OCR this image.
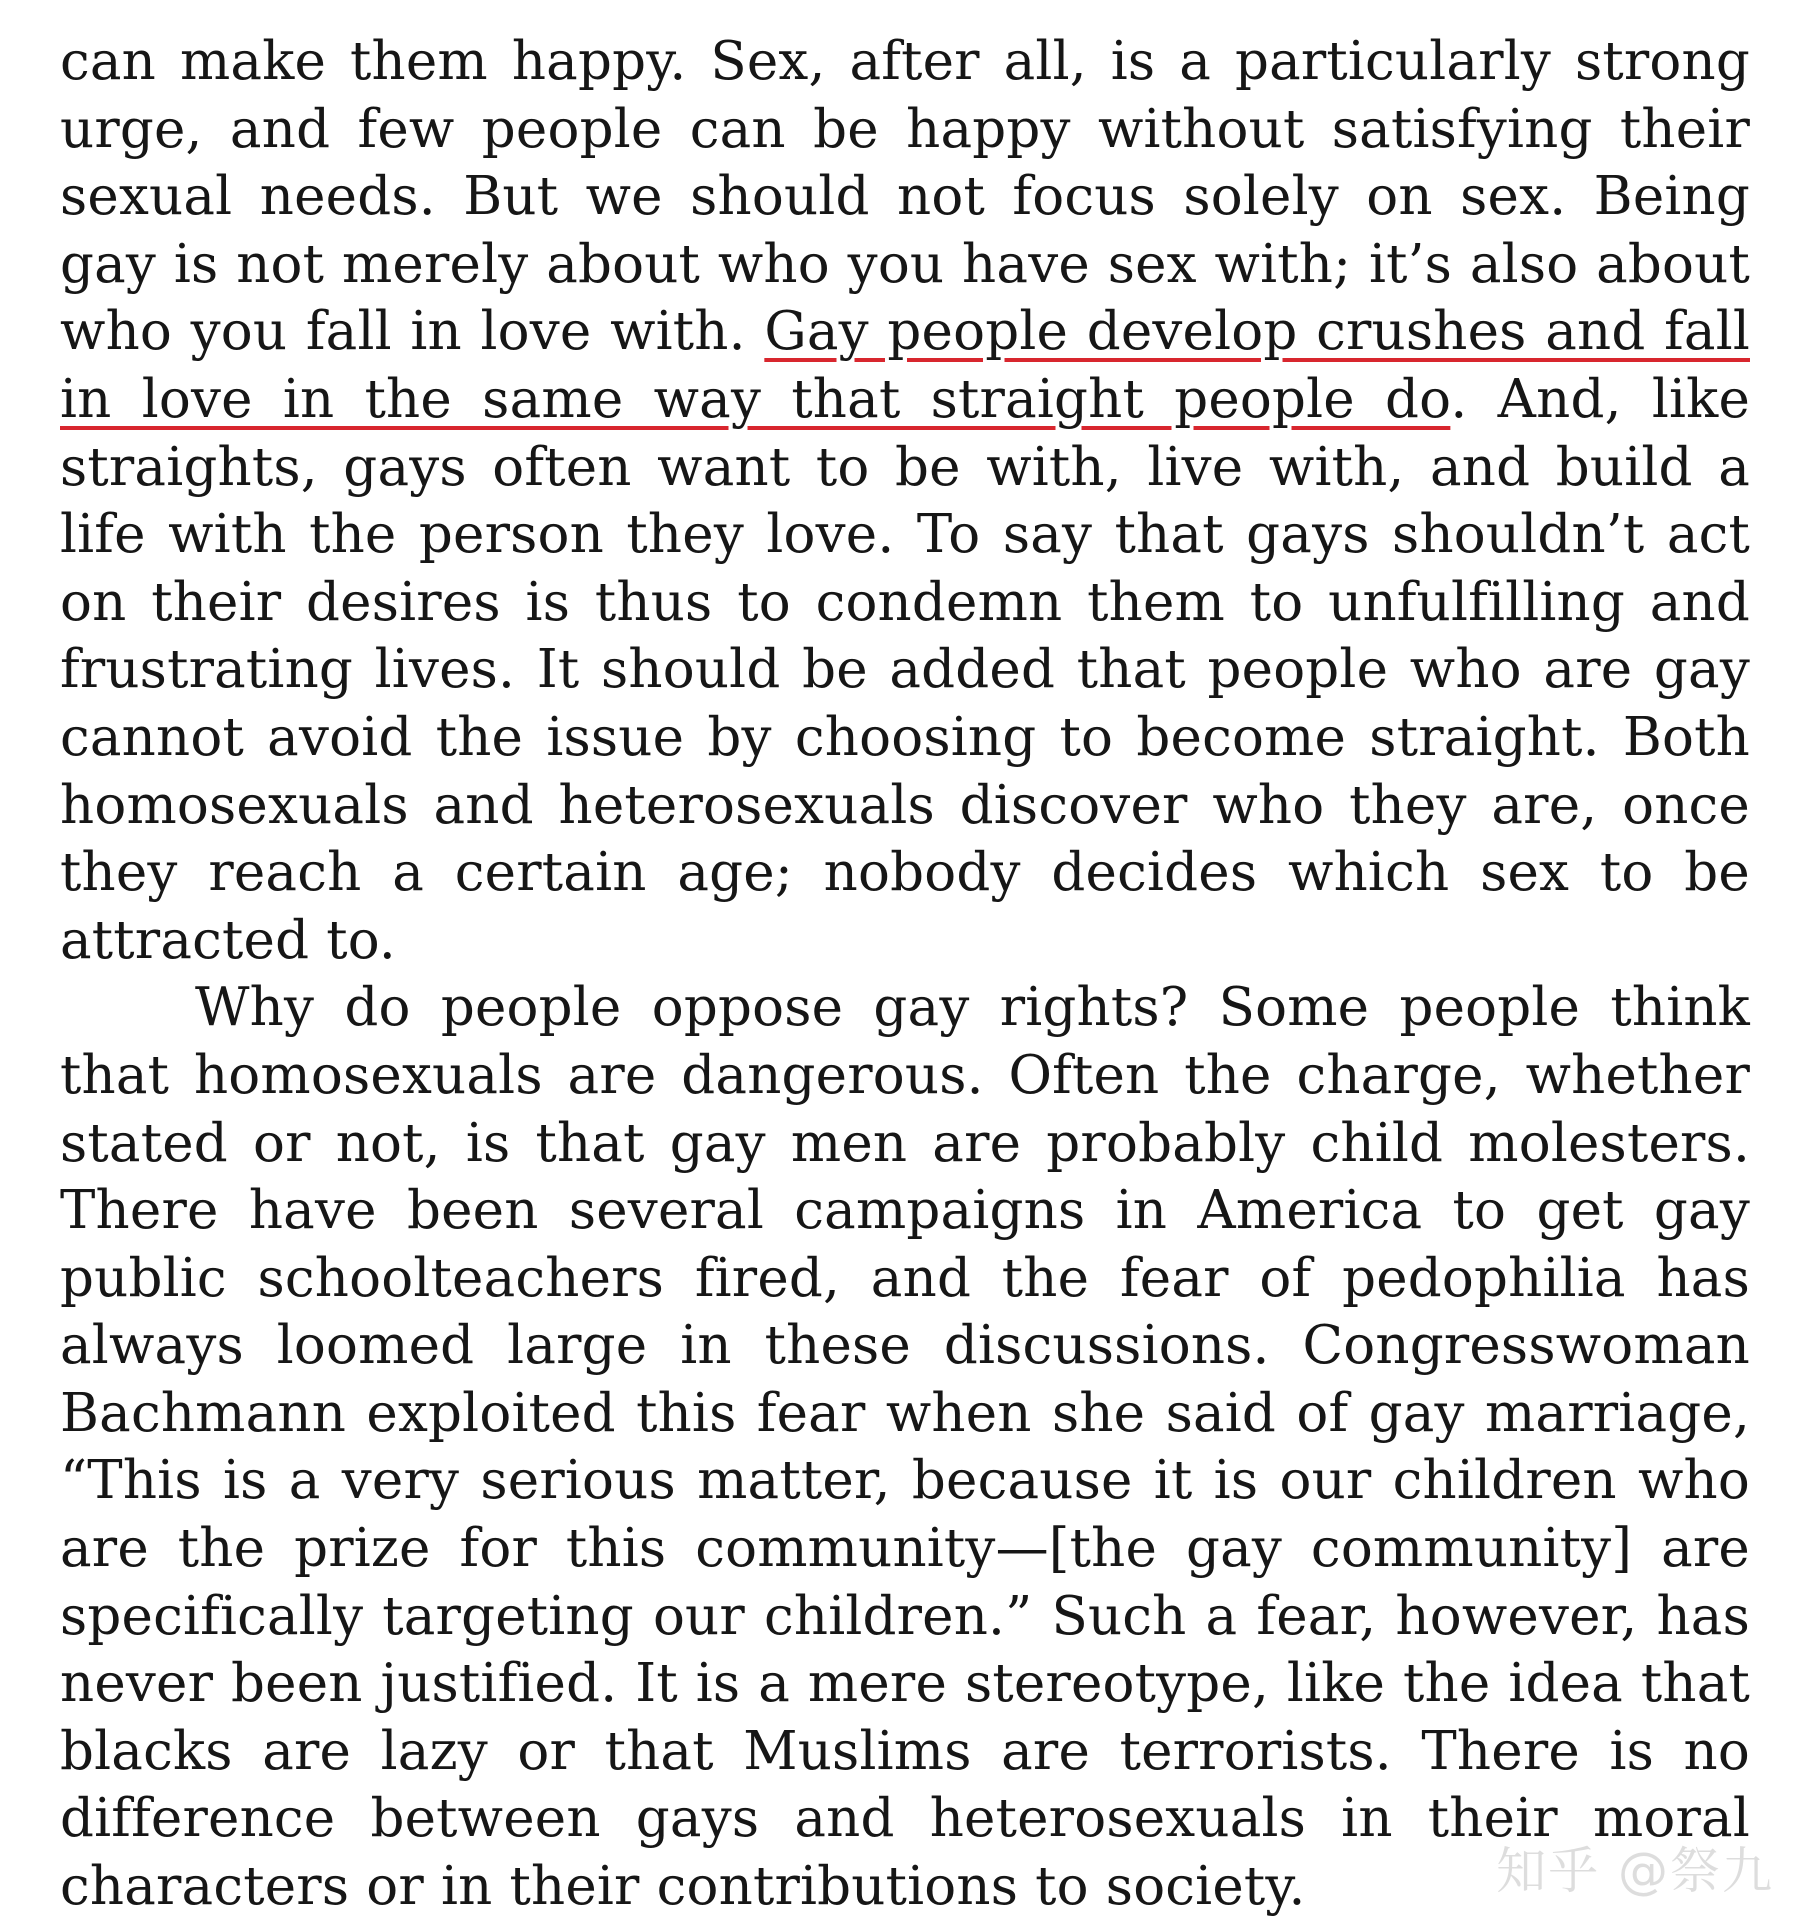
can make them happy. Sex, after all, is a particularly strong urge, and few people can be happy without satisfying their sexual needs. But we should not focus solely on sex. Being gay is not merely about who you have sex with; it’s also about who you fall in love with. Gay people develop crushes and fall in love in the same way that straight people do. And, like straights, gays often want to be with, live with, and build a life with the person they love. To say that gays shouldn’t act on their desires is thus to condemn them to unfulfilling and frustrating lives. It should be added that people who are gay cannot avoid the issue by choosing to become straight. Both homosexuals and heterosexuals discover who they are, once they reach a certain age; nobody decides which sex to be attracted to.

Why do people oppose gay rights? Some people think that homosexuals are dangerous. Often the charge, whether stated or not, is that gay men are probably child molesters. There have been several campaigns in America to get gay public schoolteachers fired, and the fear of pedophilia has always loomed large in these discussions. Congresswoman Bachmann exploited this fear when she said of gay marriage, “This is a very serious matter, because it is our children who are the prize for this community—[the gay community] are specifically targeting our children.” Such a fear, however, has never been justified. It is a mere stereotype, like the idea that blacks are lazy or that Muslims are terrorists. There is no difference between gays and heterosexuals in their moral characters or in their contributions to society.	知乎 @祭九
